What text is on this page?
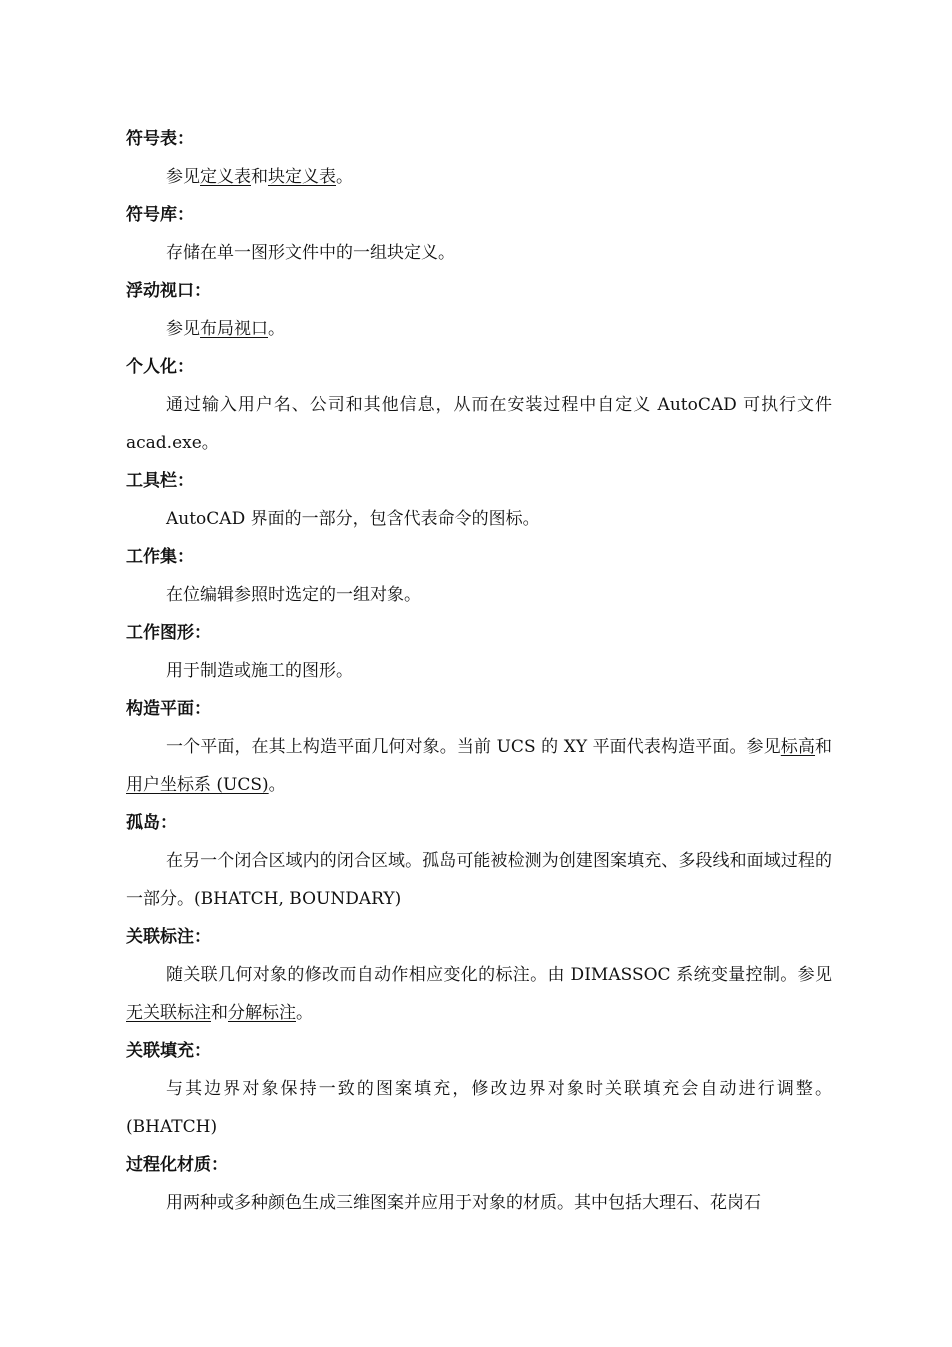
符号表：

参见定义表和块定义表。

符号库：

存储在单一图形文件中的一组块定义。

浮动视口：

参见布局视口。

个人化：

通过输入用户名、公司和其他信息，从而在安装过程中自定义 AutoCAD 可执行文件 acad.exe。

工具栏：

AutoCAD 界面的一部分，包含代表命令的图标。

工作集：

在位编辑参照时选定的一组对象。

工作图形：

用于制造或施工的图形。

构造平面：

一个平面，在其上构造平面几何对象。当前 UCS 的 XY 平面代表构造平面。参见标高和用户坐标系 (UCS)。

孤岛：

在另一个闭合区域内的闭合区域。孤岛可能被检测为创建图案填充、多段线和面域过程的一部分。(BHATCH, BOUNDARY)

关联标注：

随关联几何对象的修改而自动作相应变化的标注。由 DIMASSOC 系统变量控制。参见无关联标注和分解标注。

关联填充：

与其边界对象保持一致的图案填充，修改边界对象时关联填充会自动进行调整。(BHATCH)

过程化材质：

用两种或多种颜色生成三维图案并应用于对象的材质。其中包括大理石、花岗石
